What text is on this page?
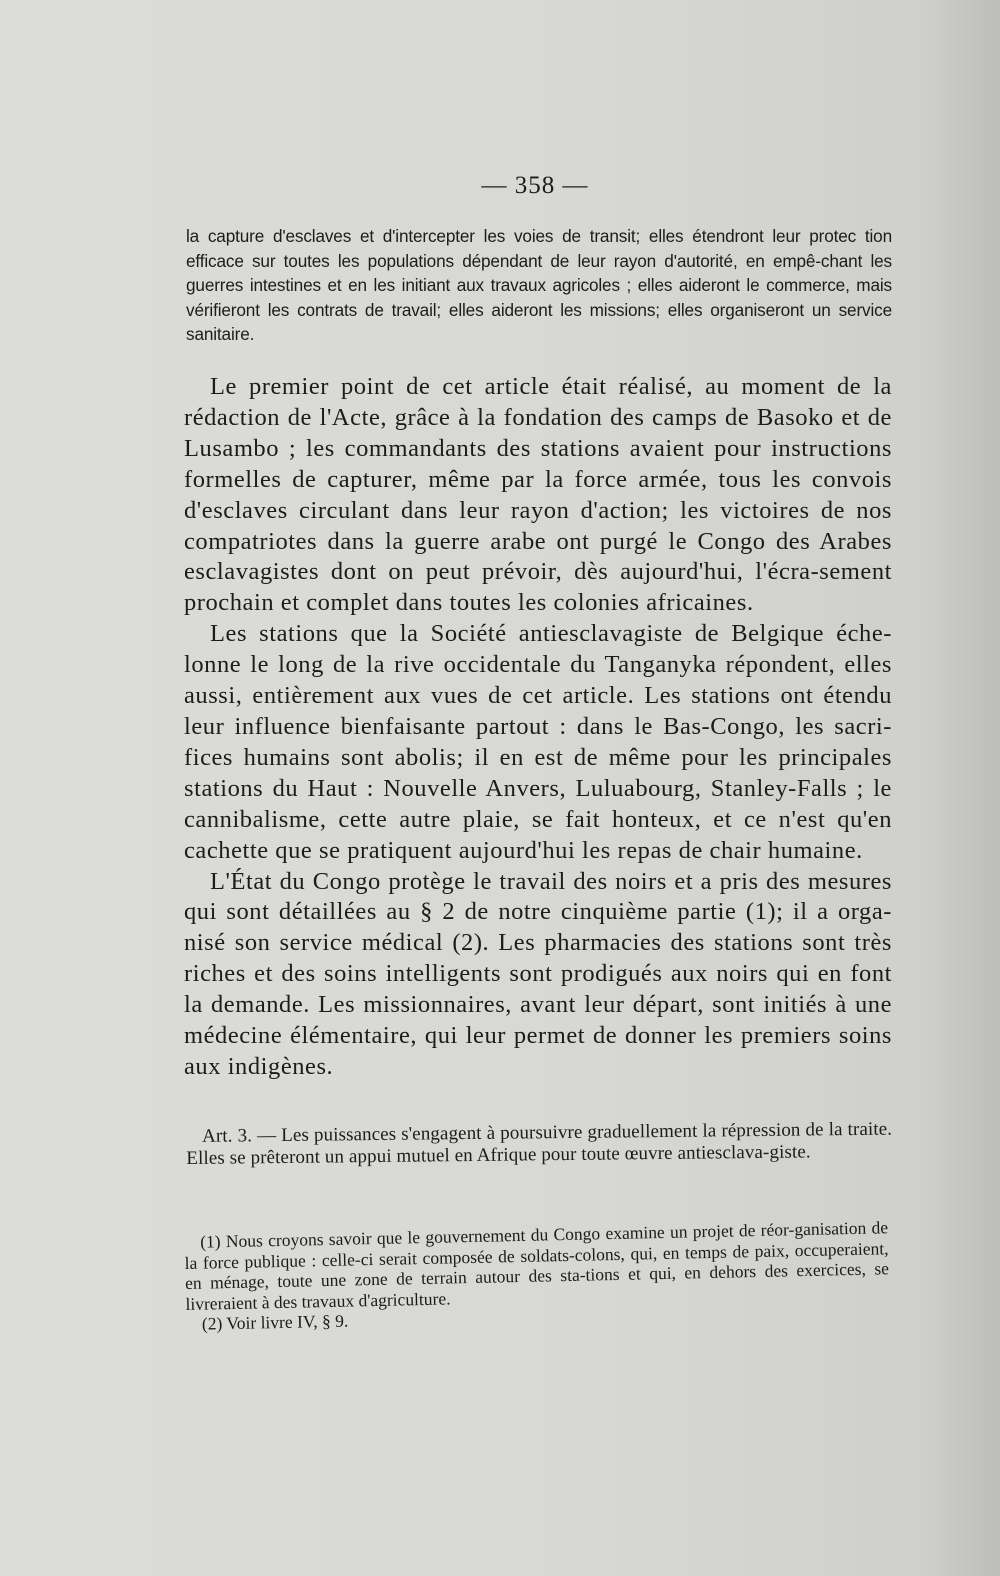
— 358 —
la capture d'esclaves et d'intercepter les voies de transit; elles étendront leur protec tion efficace sur toutes les populations dépendant de leur rayon d'autorité, en empê-chant les guerres intestines et en les initiant aux travaux agricoles ; elles aideront le commerce, mais vérifieront les contrats de travail; elles aideront les missions; elles organiseront un service sanitaire.

Le premier point de cet article était réalisé, au moment de la rédaction de l'Acte, grâce à la fondation des camps de Basoko et de Lusambo ; les commandants des stations avaient pour instructions formelles de capturer, même par la force armée, tous les convois d'esclaves circulant dans leur rayon d'action; les victoires de nos compatriotes dans la guerre arabe ont purgé le Congo des Arabes esclavagistes dont on peut prévoir, dès aujourd'hui, l'écra-sement prochain et complet dans toutes les colonies africaines.

Les stations que la Société antiesclavagiste de Belgique éche-lonne le long de la rive occidentale du Tanganyka répondent, elles aussi, entièrement aux vues de cet article. Les stations ont étendu leur influence bienfaisante partout : dans le Bas-Congo, les sacri-fices humains sont abolis; il en est de même pour les principales stations du Haut : Nouvelle Anvers, Luluabourg, Stanley-Falls ; le cannibalisme, cette autre plaie, se fait honteux, et ce n'est qu'en cachette que se pratiquent aujourd'hui les repas de chair humaine.

L'État du Congo protège le travail des noirs et a pris des mesures qui sont détaillées au § 2 de notre cinquième partie (1); il a orga-nisé son service médical (2). Les pharmacies des stations sont très riches et des soins intelligents sont prodigués aux noirs qui en font la demande. Les missionnaires, avant leur départ, sont initiés à une médecine élémentaire, qui leur permet de donner les premiers soins aux indigènes.

Art. 3. — Les puissances s'engagent à poursuivre graduellement la répression de la traite. Elles se prêteront un appui mutuel en Afrique pour toute œuvre antiesclava-giste.

(1) Nous croyons savoir que le gouvernement du Congo examine un projet de réor-ganisation de la force publique : celle-ci serait composée de soldats-colons, qui, en temps de paix, occuperaient, en ménage, toute une zone de terrain autour des sta-tions et qui, en dehors des exercices, se livreraient à des travaux d'agriculture.

(2) Voir livre IV, § 9.
